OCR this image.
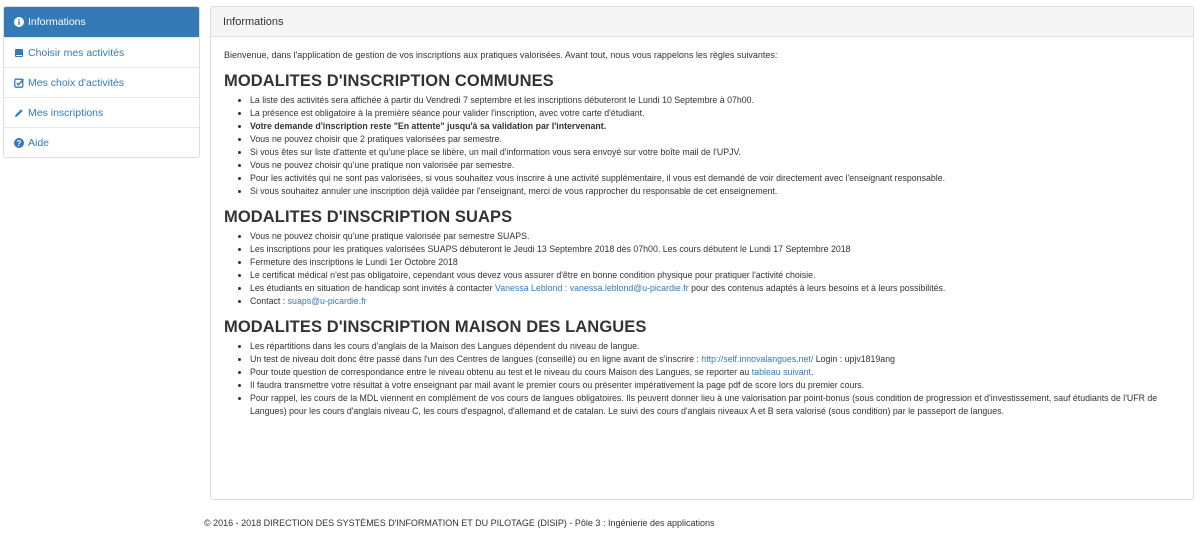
Informations
Choisir mes activités
Mes choix d'activités
Mes inscriptions
? Aide
Informations

Bienvenue, dans l'application de gestion de vos inscriptions aux pratiques valorisées. Avant tout, nous vous rappelons les règles suivantes:

MODALITES D'INSCRIPTION COMMUNES
• La liste des activités sera affichée à partir du Vendredi 7 septembre et les inscriptions débuteront le Lundi 10 Septembre à 07h00.
• La présence est obligatoire à la première séance pour valider l'inscription, avec votre carte d'étudiant.
• Votre demande d'inscription reste "En attente" jusqu'à sa validation par l'intervenant.
• Vous ne pouvez choisir que 2 pratiques valorisées par semestre.
• Si vous êtes sur liste d'attente et qu'une place se libère, un mail d'information vous sera envoyé sur votre boîte mail de l'UPJV.
• Vous ne pouvez choisir qu'une pratique non valorisée par semestre.
• Pour les activités qui ne sont pas valorisées, si vous souhaitez vous inscrire à une activité supplémentaire, il vous est demandé de voir directement avec l'enseignant responsable.
• Si vous souhaitez annuler une inscription déjà validée par l'enseignant, merci de vous rapprocher du responsable de cet enseignement.
MODALITES D'INSCRIPTION SUAPS
• Vous ne pouvez choisir qu'une pratique valorisée par semestre SUAPS.
• Les inscriptions pour les pratiques valorisées SUAPS débuteront le Jeudi 13 Septembre 2018 dès 07h00. Les cours débutent le Lundi 17 Septembre 2018
• Fermeture des inscriptions le Lundi 1er Octobre 2018
• Le certificat médical n'est pas obligatoire, cependant vous devez vous assurer d'être en bonne condition physique pour pratiquer l'activité choisie.
• Les étudiants en situation de handicap sont invités à contacter Vanessa Leblond : vanessa.leblond@u-picardie.fr pour des contenus adaptés à leurs besoins et à leurs possibilités.
• Contact : suaps@u-picardie.fr
MODALITES D'INSCRIPTION MAISON DES LANGUES
• Les répartitions dans les cours d'anglais de la Maison des Langues dépendent du niveau de langue.
• Un test de niveau doit donc être passé dans l'un des Centres de langues (conseillé) ou en ligne avant de s'inscrire : http://self.innovalangues.net/ Login : upjv1819ang
• Pour toute question de correspondance entre le niveau obtenu au test et le niveau du cours Maison des Langues, se reporter au tableau suivant.
• Il faudra transmettre votre résultat à votre enseignant par mail avant le premier cours ou présenter impérativement la page pdf de score lors du premier cours.
• Pour rappel, les cours de la MDL viennent en complément de vos cours de langues obligatoires. Ils peuvent donner lieu à une valorisation par point-bonus (sous condition de progression et d'investissement, sauf étudiants de l'UFR de Langues) pour les cours d'anglais niveau C, les cours d'espagnol, d'allemand et de catalan. Le suivi des cours d'anglais niveaux A et B sera valorisé (sous condition) par le passeport de langues.
© 2016 - 2018 DIRECTION DES SYSTÈMES D'INFORMATION ET DU PILOTAGE (DISIP) - Pôle 3 : Ingénierie des applications
